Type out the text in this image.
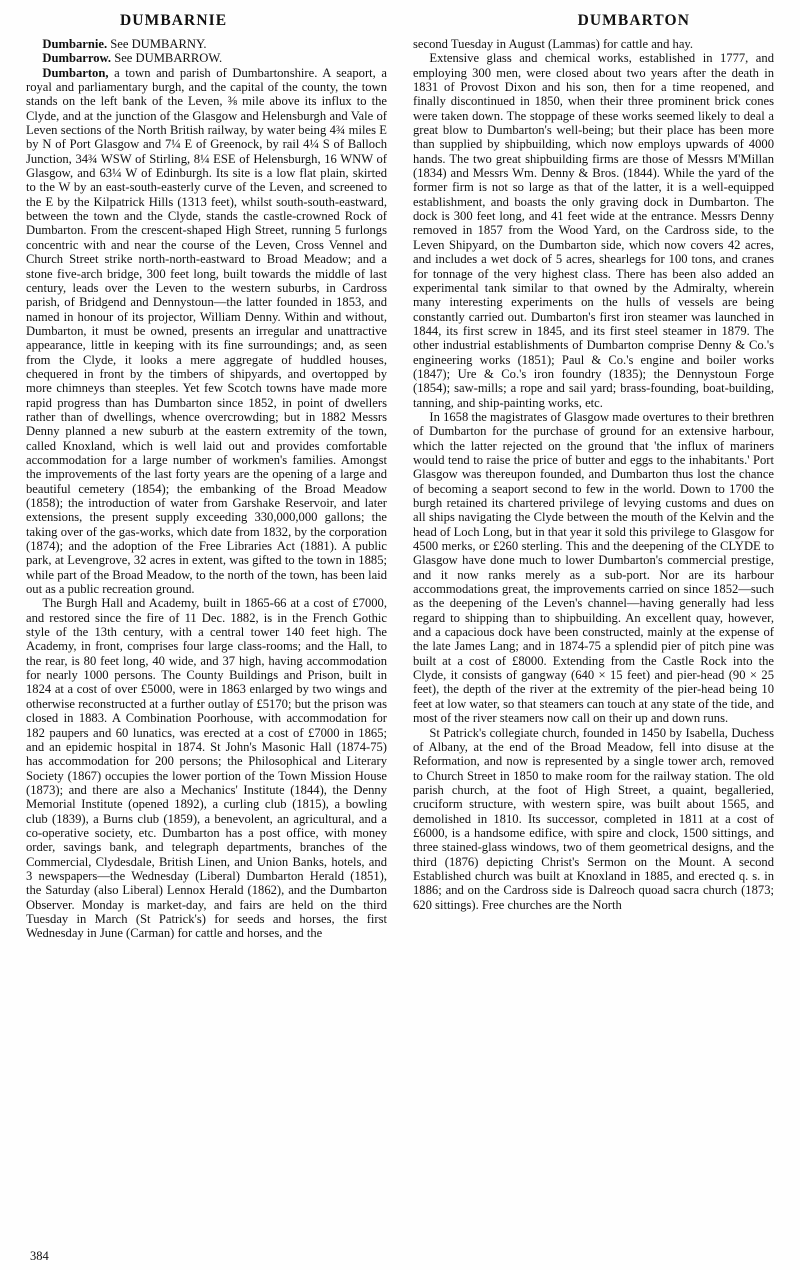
DUMBARNIE	DUMBARTON

Dumbarnie. See DUMBARNY.

Dumbarrow. See DUMBARROW.

Dumbarton, a town and parish of Dumbartonshire. A seaport, a royal and parliamentary burgh, and the capital of the county, the town stands on the left bank of the Leven, ⅜ mile above its influx to the Clyde, and at the junction of the Glasgow and Helensburgh and Vale of Leven sections of the North British railway, by water being 4¾ miles E by N of Port Glasgow and 7¼ E of Greenock, by rail 4¼ S of Balloch Junction, 34¾ WSW of Stirling, 8¼ ESE of Helensburgh, 16 WNW of Glasgow, and 63¼ W of Edinburgh. Its site is a low flat plain, skirted to the W by an east-south-easterly curve of the Leven, and screened to the E by the Kilpatrick Hills (1313 feet), whilst south-south-eastward, between the town and the Clyde, stands the castle-crowned Rock of Dumbarton. From the crescent-shaped High Street, running 5 furlongs concentric with and near the course of the Leven, Cross Vennel and Church Street strike north-north-eastward to Broad Meadow; and a stone five-arch bridge, 300 feet long, built towards the middle of last century, leads over the Leven to the western suburbs, in Cardross parish, of Bridgend and Dennystoun—the latter founded in 1853, and named in honour of its projector, William Denny. Within and without, Dumbarton, it must be owned, presents an irregular and unattractive appearance, little in keeping with its fine surroundings; and, as seen from the Clyde, it looks a mere aggregate of huddled houses, chequered in front by the timbers of shipyards, and overtopped by more chimneys than steeples. Yet few Scotch towns have made more rapid progress than has Dumbarton since 1852, in point of dwellers rather than of dwellings, whence overcrowding; but in 1882 Messrs Denny planned a new suburb at the eastern extremity of the town, called Knoxland, which is well laid out and provides comfortable accommodation for a large number of workmen's families. Amongst the improvements of the last forty years are the opening of a large and beautiful cemetery (1854); the embanking of the Broad Meadow (1858); the introduction of water from Garshake Reservoir, and later extensions, the present supply exceeding 330,000,000 gallons; the taking over of the gas-works, which date from 1832, by the corporation (1874); and the adoption of the Free Libraries Act (1881). A public park, at Levengrove, 32 acres in extent, was gifted to the town in 1885; while part of the Broad Meadow, to the north of the town, has been laid out as a public recreation ground.

The Burgh Hall and Academy, built in 1865-66 at a cost of £7000, and restored since the fire of 11 Dec. 1882, is in the French Gothic style of the 13th century, with a central tower 140 feet high. The Academy, in front, comprises four large class-rooms; and the Hall, to the rear, is 80 feet long, 40 wide, and 37 high, having accommodation for nearly 1000 persons. The County Buildings and Prison, built in 1824 at a cost of over £5000, were in 1863 enlarged by two wings and otherwise reconstructed at a further outlay of £5170; but the prison was closed in 1883. A Combination Poorhouse, with accommodation for 182 paupers and 60 lunatics, was erected at a cost of £7000 in 1865; and an epidemic hospital in 1874. St John's Masonic Hall (1874-75) has accommodation for 200 persons; the Philosophical and Literary Society (1867) occupies the lower portion of the Town Mission House (1873); and there are also a Mechanics' Institute (1844), the Denny Memorial Institute (opened 1892), a curling club (1815), a bowling club (1839), a Burns club (1859), a benevolent, an agricultural, and a co-operative society, etc. Dumbarton has a post office, with money order, savings bank, and telegraph departments, branches of the Commercial, Clydesdale, British Linen, and Union Banks, hotels, and 3 newspapers—the Wednesday (Liberal) Dumbarton Herald (1851), the Saturday (also Liberal) Lennox Herald (1862), and the Dumbarton Observer. Monday is market-day, and fairs are held on the third Tuesday in March (St Patrick's) for seeds and horses, the first Wednesday in June (Carman) for cattle and horses, and the

second Tuesday in August (Lammas) for cattle and hay.

Extensive glass and chemical works, established in 1777, and employing 300 men, were closed about two years after the death in 1831 of Provost Dixon and his son, then for a time reopened, and finally discontinued in 1850, when their three prominent brick cones were taken down. The stoppage of these works seemed likely to deal a great blow to Dumbarton's well-being; but their place has been more than supplied by shipbuilding, which now employs upwards of 4000 hands. The two great shipbuilding firms are those of Messrs M'Millan (1834) and Messrs Wm. Denny & Bros. (1844). While the yard of the former firm is not so large as that of the latter, it is a well-equipped establishment, and boasts the only graving dock in Dumbarton. The dock is 300 feet long, and 41 feet wide at the entrance. Messrs Denny removed in 1857 from the Wood Yard, on the Cardross side, to the Leven Shipyard, on the Dumbarton side, which now covers 42 acres, and includes a wet dock of 5 acres, shearlegs for 100 tons, and cranes for tonnage of the very highest class. There has been also added an experimental tank similar to that owned by the Admiralty, wherein many interesting experiments on the hulls of vessels are being constantly carried out. Dumbarton's first iron steamer was launched in 1844, its first screw in 1845, and its first steel steamer in 1879. The other industrial establishments of Dumbarton comprise Denny & Co.'s engineering works (1851); Paul & Co.'s engine and boiler works (1847); Ure & Co.'s iron foundry (1835); the Dennystoun Forge (1854); saw-mills; a rope and sail yard; brass-founding, boat-building, tanning, and ship-painting works, etc.

In 1658 the magistrates of Glasgow made overtures to their brethren of Dumbarton for the purchase of ground for an extensive harbour, which the latter rejected on the ground that 'the influx of mariners would tend to raise the price of butter and eggs to the inhabitants.' Port Glasgow was thereupon founded, and Dumbarton thus lost the chance of becoming a seaport second to few in the world. Down to 1700 the burgh retained its chartered privilege of levying customs and dues on all ships navigating the Clyde between the mouth of the Kelvin and the head of Loch Long, but in that year it sold this privilege to Glasgow for 4500 merks, or £260 sterling. This and the deepening of the CLYDE to Glasgow have done much to lower Dumbarton's commercial prestige, and it now ranks merely as a sub-port. Nor are its harbour accommodations great, the improvements carried on since 1852—such as the deepening of the Leven's channel—having generally had less regard to shipping than to shipbuilding. An excellent quay, however, and a capacious dock have been constructed, mainly at the expense of the late James Lang; and in 1874-75 a splendid pier of pitch pine was built at a cost of £8000. Extending from the Castle Rock into the Clyde, it consists of gangway (640 × 15 feet) and pier-head (90 × 25 feet), the depth of the river at the extremity of the pier-head being 10 feet at low water, so that steamers can touch at any state of the tide, and most of the river steamers now call on their up and down runs.

St Patrick's collegiate church, founded in 1450 by Isabella, Duchess of Albany, at the end of the Broad Meadow, fell into disuse at the Reformation, and now is represented by a single tower arch, removed to Church Street in 1850 to make room for the railway station. The old parish church, at the foot of High Street, a quaint, begalleried, cruciform structure, with western spire, was built about 1565, and demolished in 1810. Its successor, completed in 1811 at a cost of £6000, is a handsome edifice, with spire and clock, 1500 sittings, and three stained-glass windows, two of them geometrical designs, and the third (1876) depicting Christ's Sermon on the Mount. A second Established church was built at Knoxland in 1885, and erected q. s. in 1886; and on the Cardross side is Dalreoch quoad sacra church (1873; 620 sittings). Free churches are the North

384
